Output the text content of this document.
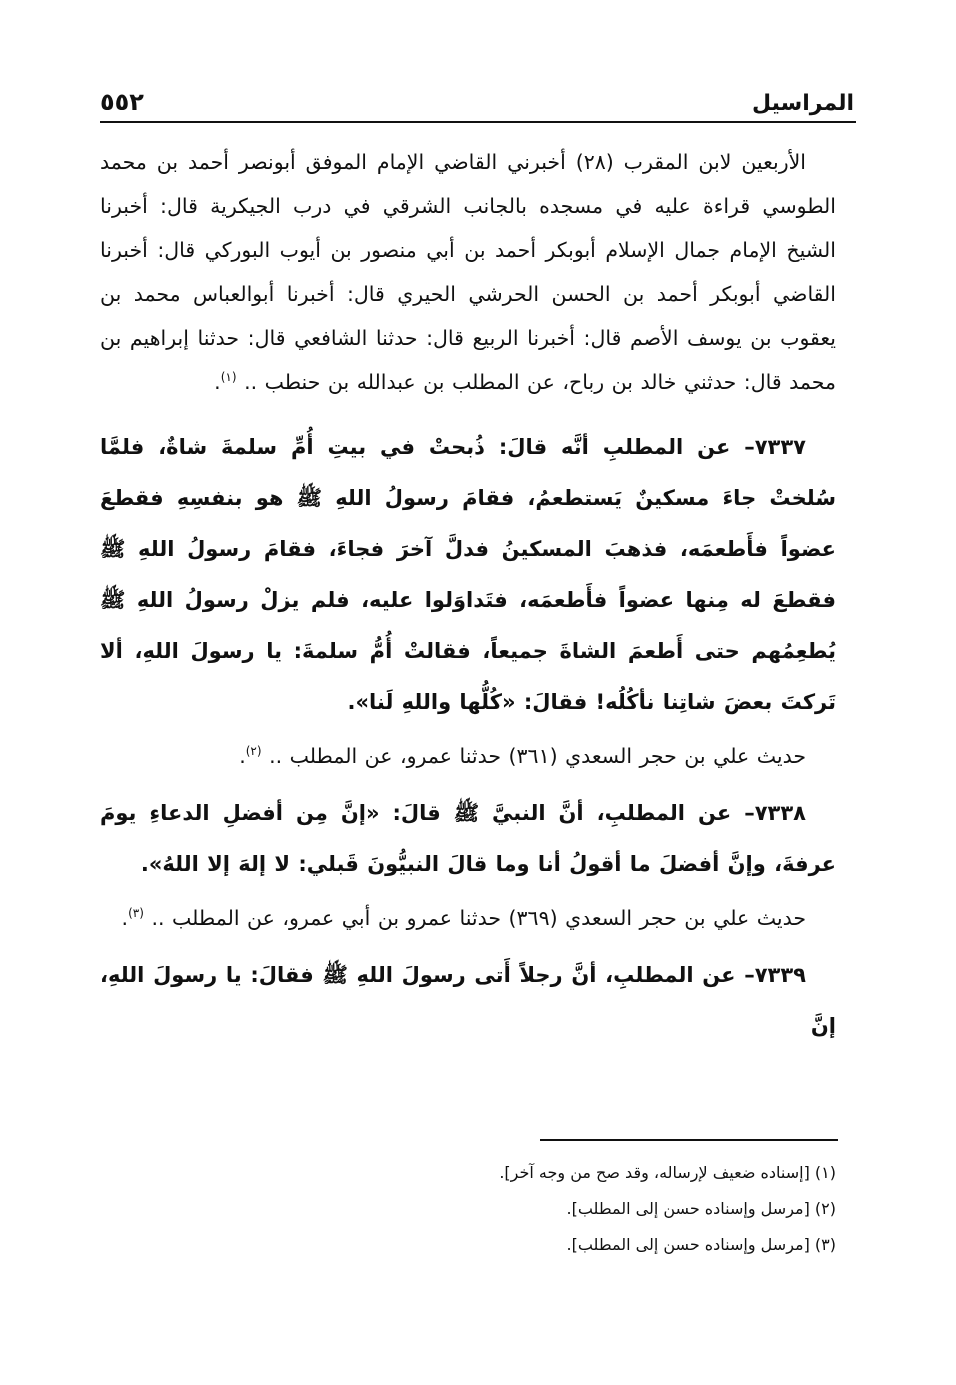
المراسيل
٥٥٢

الأربعين لابن المقرب (٢٨) أخبرني القاضي الإمام الموفق أبونصر أحمد بن محمد الطوسي قراءة عليه في مسجده بالجانب الشرقي في درب الجيكرية قال: أخبرنا الشيخ الإمام جمال الإسلام أبوبكر أحمد بن أبي منصور بن أيوب البوركي قال: أخبرنا القاضي أبوبكر أحمد بن الحسن الحرشي الحيري قال: أخبرنا أبوالعباس محمد بن يعقوب بن يوسف الأصم قال: أخبرنا الربيع قال: حدثنا الشافعي قال: حدثنا إبراهيم بن محمد قال: حدثني خالد بن رباح، عن المطلب بن عبدالله بن حنطب .. $^{(١)}$.

٧٣٣٧– عن المطلبِ أنَّه قالَ: ذُبحتْ في بيتِ أُمِّ سلمةَ شاةٌ، فلمَّا سُلختْ جاءَ مسكينٌ يَستطعمُ، فقامَ رسولُ اللهِ ﷺ هو بنفسِهِ فقطعَ عضواً فأَطعمَه، فذهبَ المسكينُ فدلَّ آخرَ فجاءَ، فقامَ رسولُ اللهِ ﷺ فقطعَ له مِنها عضواً فأَطعمَه، فتَداوَلوا عليه، فلم يزلْ رسولُ اللهِ ﷺ يُطعِمُهم حتى أَطعمَ الشاةَ جميعاً، فقالتْ أُمُّ سلمةَ: يا رسولَ اللهِ، ألا تَركتَ بعضَ شاتِنا نأكُلُه! فقالَ: «كُلُّها واللهِ لَنا».

حديث علي بن حجر السعدي (٣٦١) حدثنا عمرو، عن المطلب .. $^{(٢)}$.

٧٣٣٨– عن المطلبِ، أنَّ النبيَّ ﷺ قالَ: «إنَّ مِن أفضلِ الدعاءِ يومَ عرفةَ، وإنَّ أفضلَ ما أقولُ أنا وما قالَ النبيُّونَ قَبلي: لا إلهَ إلا اللهُ».

حديث علي بن حجر السعدي (٣٦٩) حدثنا عمرو بن أبي عمرو، عن المطلب .. $^{(٣)}$.

٧٣٣٩– عن المطلبِ، أنَّ رجلاً أَتى رسولَ اللهِ ﷺ فقالَ: يا رسولَ اللهِ، إنَّ

(١) [إسناده ضعيف لإرساله، وقد صح من وجه آخر].

(٢) [مرسل وإسناده حسن إلى المطلب].

(٣) [مرسل وإسناده حسن إلى المطلب].
